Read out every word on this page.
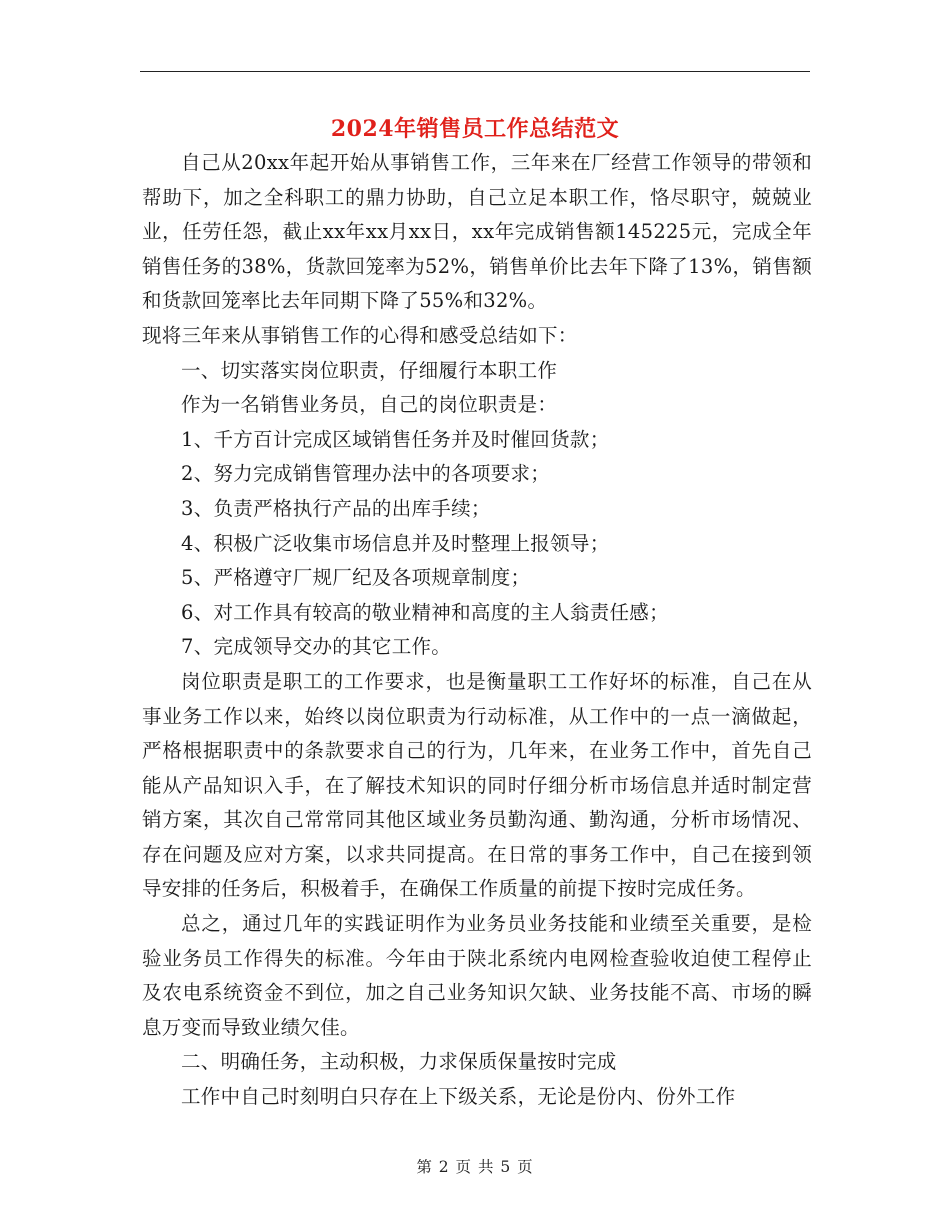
2024年销售员工作总结范文

自己从20xx年起开始从事销售工作，三年来在厂经营工作领导的带领和帮助下，加之全科职工的鼎力协助，自己立足本职工作，恪尽职守，兢兢业业，任劳任怨，截止xx年xx月xx日，xx年完成销售额145225元，完成全年销售任务的38%，货款回笼率为52%，销售单价比去年下降了13%，销售额和货款回笼率比去年同期下降了55%和32%。

现将三年来从事销售工作的心得和感受总结如下：

一、切实落实岗位职责，仔细履行本职工作

作为一名销售业务员，自己的岗位职责是：

1、千方百计完成区域销售任务并及时催回货款；

2、努力完成销售管理办法中的各项要求；

3、负责严格执行产品的出库手续；

4、积极广泛收集市场信息并及时整理上报领导；

5、严格遵守厂规厂纪及各项规章制度；

6、对工作具有较高的敬业精神和高度的主人翁责任感；

7、完成领导交办的其它工作。

岗位职责是职工的工作要求，也是衡量职工工作好坏的标准，自己在从事业务工作以来，始终以岗位职责为行动标准，从工作中的一点一滴做起，严格根据职责中的条款要求自己的行为，几年来，在业务工作中，首先自己能从产品知识入手，在了解技术知识的同时仔细分析市场信息并适时制定营销方案，其次自己常常同其他区域业务员勤沟通、勤沟通，分析市场情况、存在问题及应对方案，以求共同提高。在日常的事务工作中，自己在接到领导安排的任务后，积极着手，在确保工作质量的前提下按时完成任务。

总之，通过几年的实践证明作为业务员业务技能和业绩至关重要，是检验业务员工作得失的标准。今年由于陕北系统内电网检查验收迫使工程停止及农电系统资金不到位，加之自己业务知识欠缺、业务技能不高、市场的瞬息万变而导致业绩欠佳。

二、明确任务，主动积极，力求保质保量按时完成

工作中自己时刻明白只存在上下级关系，无论是份内、份外工作

第 2 页 共 5 页
